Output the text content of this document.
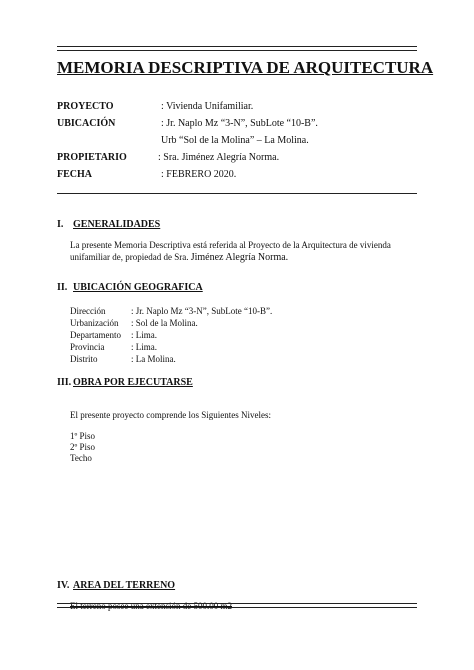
MEMORIA DESCRIPTIVA DE ARQUITECTURA
PROYECTO	: Vivienda Unifamiliar.
UBICACIÓN	: Jr. Naplo Mz “3-N”, SubLote “10-B”.
Urb “Sol de la Molina” – La Molina.
PROPIETARIO	: Sra. Jiménez Alegría Norma.
FECHA	: FEBRERO 2020.
I. GENERALIDADES
La presente Memoria Descriptiva está referida al Proyecto de la Arquitectura de vivienda unifamiliar de, propiedad de Sra. Jiménez Alegría Norma.
II. UBICACIÓN GEOGRAFICA
Dirección	: Jr. Naplo Mz “3-N”, SubLote “10-B”.
Urbanización : Sol de la Molina.
Departamento : Lima.
Provincia	: Lima.
Distrito	: La Molina.
III. OBRA POR EJECUTARSE
El presente proyecto comprende los Siguientes Niveles:
1º Piso
2º Piso
Techo
IV. AREA DEL TERRENO
El terreno posee una extensión de 500.00 m2
